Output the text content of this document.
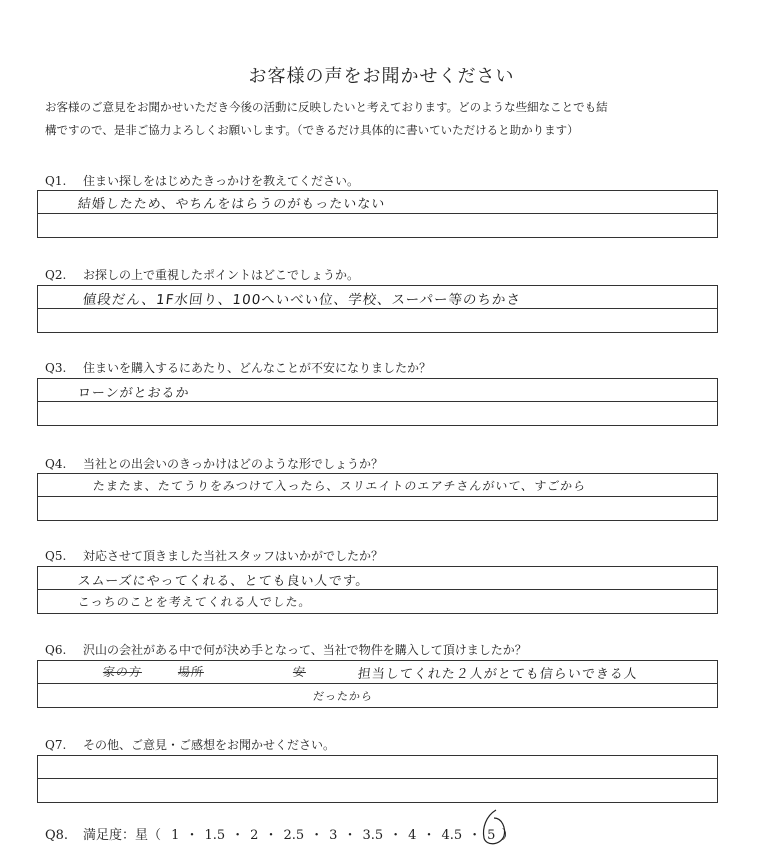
お客様の声をお聞かせください
お客様のご意見をお聞かせいただき今後の活動に反映したいと考えております。どのような些細なことでも結
構ですので、是非ご協力よろしくお願いします。（できるだけ具体的に書いていただけると助かります）
Q1. 住まい探しをはじめたきっかけを教えてください。
結婚したため、やちんをはらうのがもったいない
Q2. お探しの上で重視したポイントはどこでしょうか。
値段だん、1F水回り、100へいべい位、学校、スーパー等のちかさ
Q3. 住まいを購入するにあたり、どんなことが不安になりましたか？
ローンがとおるか
Q4. 当社との出会いのきっかけはどのような形でしょうか？
たまたま、たてうりをみつけて入ったら、スリエイトのエアチさんがいて、すごから
Q5. 対応させて頂きました当社スタッフはいかがでしたか？
スムーズにやってくれる、とても良い人です。
こっちのことを考えてくれる人でした。
Q6. 沢山の会社がある中で何が決め手となって、当社で物件を購入して頂けましたか？
家の方	場所	安	担当してくれた２人がとても信らいできる人
だったから
Q7. その他、ご意見・ご感想をお聞かせください。
Q8. 満足度：星（ 1 ・ 1.5 ・ 2 ・ 2.5 ・ 3 ・ 3.5 ・ 4 ・ 4.5 ・ 5 ）
